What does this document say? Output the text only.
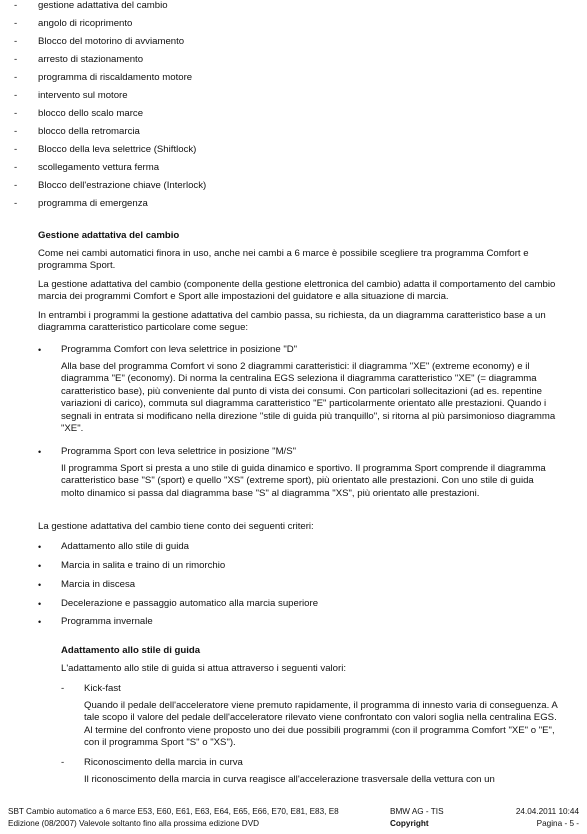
- gestione adattativa del cambio
- angolo di ricoprimento
- Blocco del motorino di avviamento
- arresto di stazionamento
- programma di riscaldamento motore
- intervento sul motore
- blocco dello scalo marce
- blocco della retromarcia
- Blocco della leva selettrice (Shiftlock)
- scollegamento vettura ferma
- Blocco dell'estrazione chiave (Interlock)
- programma di emergenza
Gestione adattativa del cambio
Come nei cambi automatici finora in uso, anche nei cambi a 6 marce è possibile scegliere tra programma Comfort e programma Sport.
La gestione adattativa del cambio (componente della gestione elettronica del cambio) adatta il comportamento del cambio marcia dei programmi Comfort e Sport alle impostazioni del guidatore e alla situazione di marcia.
In entrambi i programmi la gestione adattativa del cambio passa, su richiesta, da un diagramma caratteristico base a un diagramma caratteristico particolare come segue:
• Programma Comfort con leva selettrice in posizione "D"
Alla base del programma Comfort vi sono 2 diagrammi caratteristici: il diagramma "XE" (extreme economy) e il diagramma "E" (economy). Di norma la centralina EGS seleziona il diagramma caratteristico "XE" (= diagramma caratteristico base), più conveniente dal punto di vista dei consumi. Con particolari sollecitazioni (ad es. repentine variazioni di carico), commuta sul diagramma caratteristico "E" particolarmente orientato alle prestazioni. Quando i segnali in entrata si modificano nella direzione "stile di guida più tranquillo", si ritorna al più parsimonioso diagramma "XE".
• Programma Sport con leva selettrice in posizione "M/S"
Il programma Sport si presta a uno stile di guida dinamico e sportivo. Il programma Sport comprende il diagramma caratteristico base "S" (sport) e quello "XS" (extreme sport), più orientato alle prestazioni. Con uno stile di guida molto dinamico si passa dal diagramma base "S" al diagramma "XS", più orientato alle prestazioni.
La gestione adattativa del cambio tiene conto dei seguenti criteri:
• Adattamento allo stile di guida
• Marcia in salita e traino di un rimorchio
• Marcia in discesa
• Decelerazione e passaggio automatico alla marcia superiore
• Programma invernale
Adattamento allo stile di guida
L'adattamento allo stile di guida si attua attraverso i seguenti valori:
- Kick-fast
Quando il pedale dell'acceleratore viene premuto rapidamente, il programma di innesto varia di conseguenza. A tale scopo il valore del pedale dell'acceleratore rilevato viene confrontato con valori soglia nella centralina EGS. Al termine del confronto viene proposto uno dei due possibili programmi (con il programma Comfort "XE" o "E", con il programma Sport "S" o "XS").
- Riconoscimento della marcia in curva
Il riconoscimento della marcia in curva reagisce all'accelerazione trasversale della vettura con un
SBT Cambio automatico a 6 marce E53, E60, E61, E63, E64, E65, E66, E70, E81, E83, E8
Edizione (08/2007) Valevole soltanto fino alla prossima edizione DVD
BMW AG - TIS
Copyright
24.04.2011 10:44
Pagina - 5 -
